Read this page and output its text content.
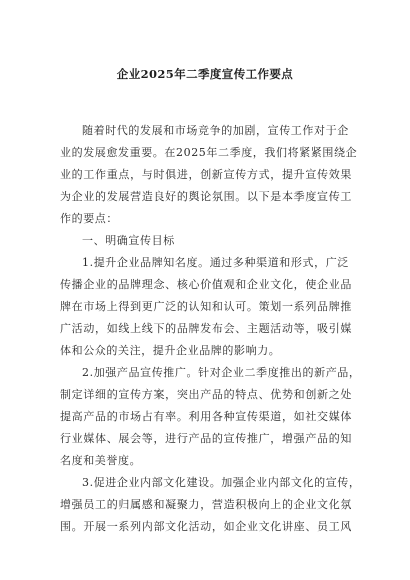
企业2025年二季度宣传工作要点
随着时代的发展和市场竞争的加剧，宣传工作对于企
业的发展愈发重要。在2025年二季度，我们将紧紧围绕企
业的工作重点，与时俱进，创新宣传方式，提升宣传效果
为企业的发展营造良好的舆论氛围。以下是本季度宣传工
作的要点：
一、明确宣传目标
1.提升企业品牌知名度。通过多种渠道和形式，广泛
传播企业的品牌理念、核心价值观和企业文化，使企业品
牌在市场上得到更广泛的认知和认可。策划一系列品牌推
广活动，如线上线下的品牌发布会、主题活动等，吸引媒
体和公众的关注，提升企业品牌的影响力。
2.加强产品宣传推广。针对企业二季度推出的新产品，
制定详细的宣传方案，突出产品的特点、优势和创新之处
提高产品的市场占有率。利用各种宣传渠道，如社交媒体
行业媒体、展会等，进行产品的宣传推广，增强产品的知
名度和美誉度。
3.促进企业内部文化建设。加强企业内部文化的宣传，
增强员工的归属感和凝聚力，营造积极向上的企业文化氛
围。开展一系列内部文化活动，如企业文化讲座、员工风
